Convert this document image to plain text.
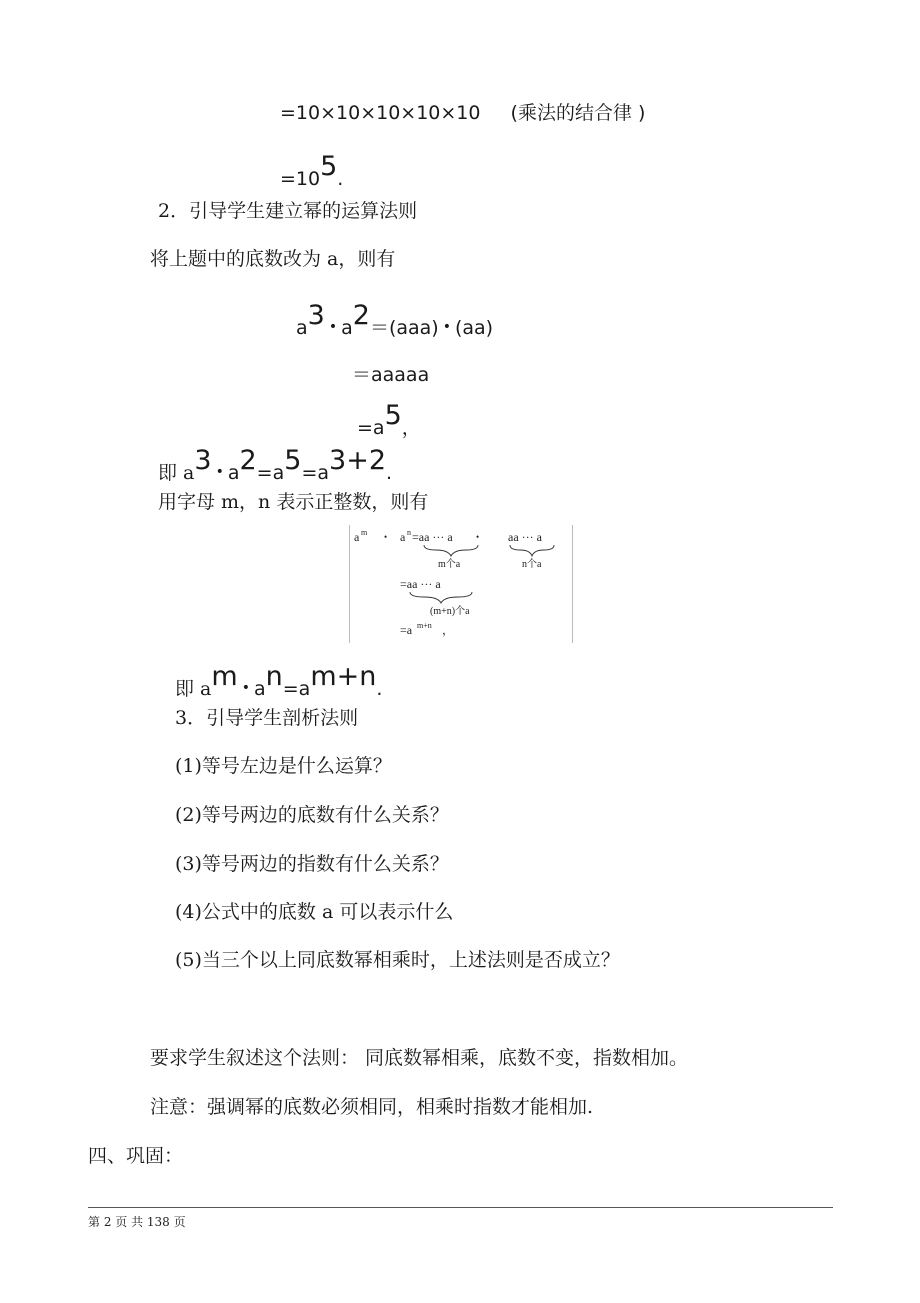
=10×10×10×10×10 (乘法的结合律 )
=105.
2．引导学生建立幂的运算法则
将上题中的底数改为 a，则有
a3 • a2＝(aaa) • (aa)
＝aaaaa
=a5，
即 a3 • a2=a5=a3+2.
用字母 m，n 表示正整数，则有
a m • a n =aa ··· a	• aa ··· a
m个a	n个a
=aa ··· a
(m+n)个a
=a m+n ，
即 am • an=am+n.
3．引导学生剖析法则
(1)等号左边是什么运算？
(2)等号两边的底数有什么关系？
(3)等号两边的指数有什么关系？
(4)公式中的底数 a 可以表示什么
(5)当三个以上同底数幂相乘时，上述法则是否成立？
要求学生叙述这个法则： 同底数幂相乘，底数不变，指数相加。
注意：强调幂的底数必须相同，相乘时指数才能相加.
四、巩固：
第 2 页 共 138 页
